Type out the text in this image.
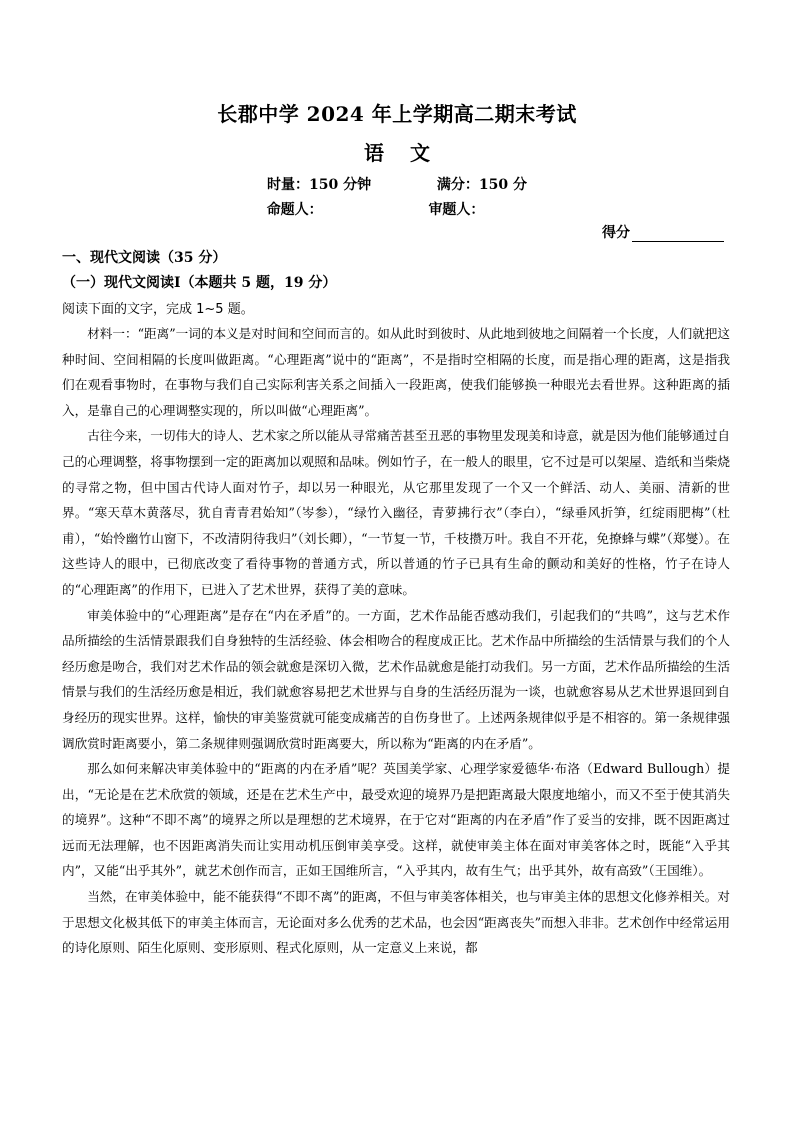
长郡中学 2024 年上学期高二期末考试
语文
时量：150 分钟	满分：150 分
命题人：	审题人：
得分
一、现代文阅读（35 分）
（一）现代文阅读Ⅰ（本题共 5 题，19 分）
阅读下面的文字，完成 1~5 题。

材料一：“距离”一词的本义是对时间和空间而言的。如从此时到彼时、从此地到彼地之间隔着一个长度，人们就把这种时间、空间相隔的长度叫做距离。“心理距离”说中的“距离”，不是指时空相隔的长度，而是指心理的距离，这是指我们在观看事物时，在事物与我们自己实际利害关系之间插入一段距离，使我们能够换一种眼光去看世界。这种距离的插入，是靠自己的心理调整实现的，所以叫做“心理距离”。

古往今来，一切伟大的诗人、艺术家之所以能从寻常痛苦甚至丑恶的事物里发现美和诗意，就是因为他们能够通过自己的心理调整，将事物摆到一定的距离加以观照和品味。例如竹子，在一般人的眼里，它不过是可以架屋、造纸和当柴烧的寻常之物，但中国古代诗人面对竹子，却以另一种眼光，从它那里发现了一个又一个鲜活、动人、美丽、清新的世界。“寒天草木黄落尽，犹自青青君始知”（岑参），“绿竹入幽径，青萝拂行衣”（李白），“绿垂风折笋，红绽雨肥梅”（杜甫），“始怜幽竹山窗下，不改清阴待我归”（刘长卿），“一节复一节，千枝攒万叶。我自不开花，免撩蜂与蝶”（郑燮）。在这些诗人的眼中，已彻底改变了看待事物的普通方式，所以普通的竹子已具有生命的颤动和美好的性格，竹子在诗人的“心理距离”的作用下，已进入了艺术世界，获得了美的意味。

审美体验中的“心理距离”是存在“内在矛盾”的。一方面，艺术作品能否感动我们，引起我们的“共鸣”，这与艺术作品所描绘的生活情景跟我们自身独特的生活经验、体会相吻合的程度成正比。艺术作品中所描绘的生活情景与我们的个人经历愈是吻合，我们对艺术作品的领会就愈是深切入微，艺术作品就愈是能打动我们。另一方面，艺术作品所描绘的生活情景与我们的生活经历愈是相近，我们就愈容易把艺术世界与自身的生活经历混为一谈，也就愈容易从艺术世界退回到自身经历的现实世界。这样，愉快的审美鉴赏就可能变成痛苦的自伤身世了。上述两条规律似乎是不相容的。第一条规律强调欣赏时距离要小，第二条规律则强调欣赏时距离要大，所以称为“距离的内在矛盾”。

那么如何来解决审美体验中的“距离的内在矛盾”呢？英国美学家、心理学家爱德华·布洛（Edward Bullough）提出，“无论是在艺术欣赏的领域，还是在艺术生产中，最受欢迎的境界乃是把距离最大限度地缩小，而又不至于使其消失的境界”。这种“不即不离”的境界之所以是理想的艺术境界，在于它对“距离的内在矛盾”作了妥当的安排，既不因距离过远而无法理解，也不因距离消失而让实用动机压倒审美享受。这样，就使审美主体在面对审美客体之时，既能“入乎其内”，又能“出乎其外”，就艺术创作而言，正如王国维所言，“入乎其内，故有生气；出乎其外，故有高致”（王国维）。

当然，在审美体验中，能不能获得“不即不离”的距离，不但与审美客体相关，也与审美主体的思想文化修养相关。对于思想文化极其低下的审美主体而言，无论面对多么优秀的艺术品，也会因“距离丧失”而想入非非。艺术创作中经常运用的诗化原则、陌生化原则、变形原则、程式化原则，从一定意义上来说，都
